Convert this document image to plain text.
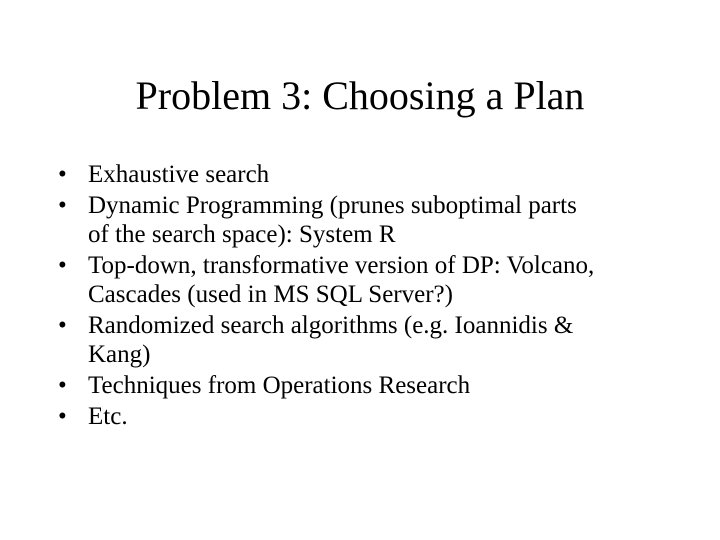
Problem 3: Choosing a Plan
• Exhaustive search
• Dynamic Programming (prunes suboptimal parts
of the search space): System R
• Top-down, transformative version of DP: Volcano,
Cascades (used in MS SQL Server?)
• Randomized search algorithms (e.g. Ioannidis &
Kang)
• Techniques from Operations Research
• Etc.
